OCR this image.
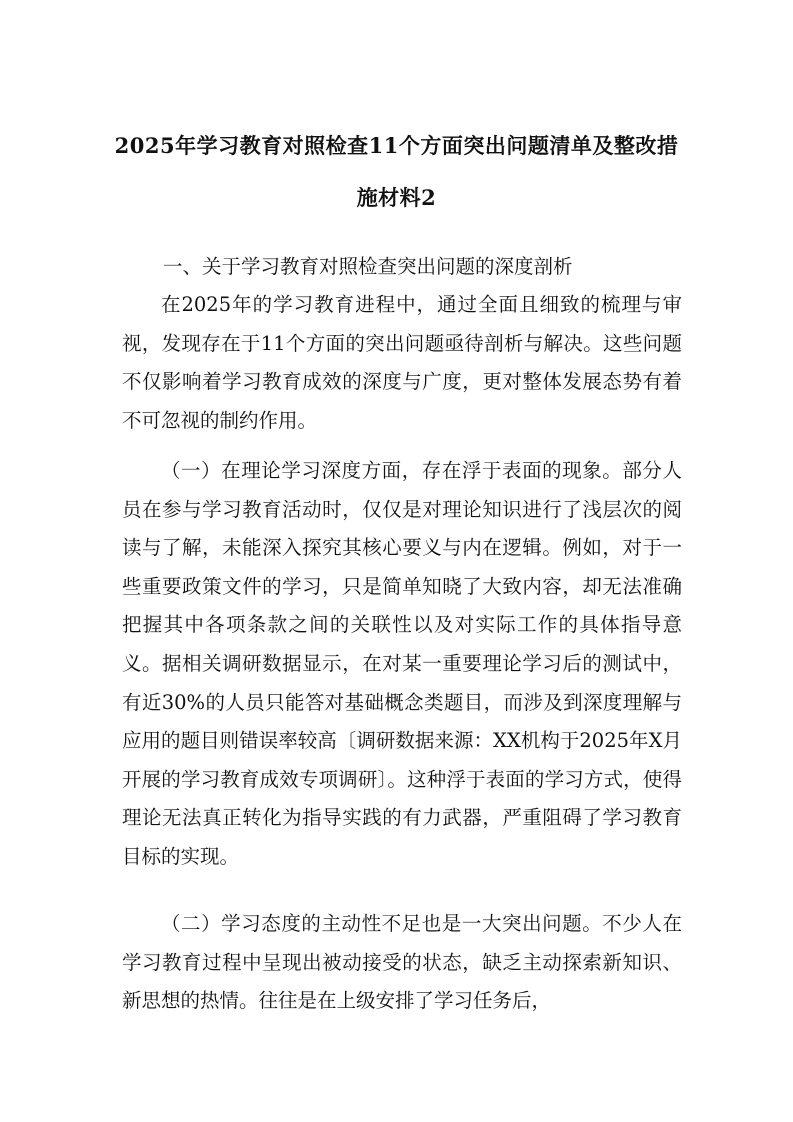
2025年学习教育对照检查11个方面突出问题清单及整改措
施材料2
一、关于学习教育对照检查突出问题的深度剖析

在2025年的学习教育进程中，通过全面且细致的梳理与审视，发现存在于11个方面的突出问题亟待剖析与解决。这些问题不仅影响着学习教育成效的深度与广度，更对整体发展态势有着不可忽视的制约作用。

（一）在理论学习深度方面，存在浮于表面的现象。部分人员在参与学习教育活动时，仅仅是对理论知识进行了浅层次的阅读与了解，未能深入探究其核心要义与内在逻辑。例如，对于一些重要政策文件的学习，只是简单知晓了大致内容，却无法准确把握其中各项条款之间的关联性以及对实际工作的具体指导意义。据相关调研数据显示，在对某一重要理论学习后的测试中，有近30%的人员只能答对基础概念类题目，而涉及到深度理解与应用的题目则错误率较高〔调研数据来源：XX机构于2025年X月开展的学习教育成效专项调研〕。这种浮于表面的学习方式，使得理论无法真正转化为指导实践的有力武器，严重阻碍了学习教育目标的实现。

（二）学习态度的主动性不足也是一大突出问题。不少人在学习教育过程中呈现出被动接受的状态，缺乏主动探索新知识、新思想的热情。往往是在上级安排了学习任务后，
